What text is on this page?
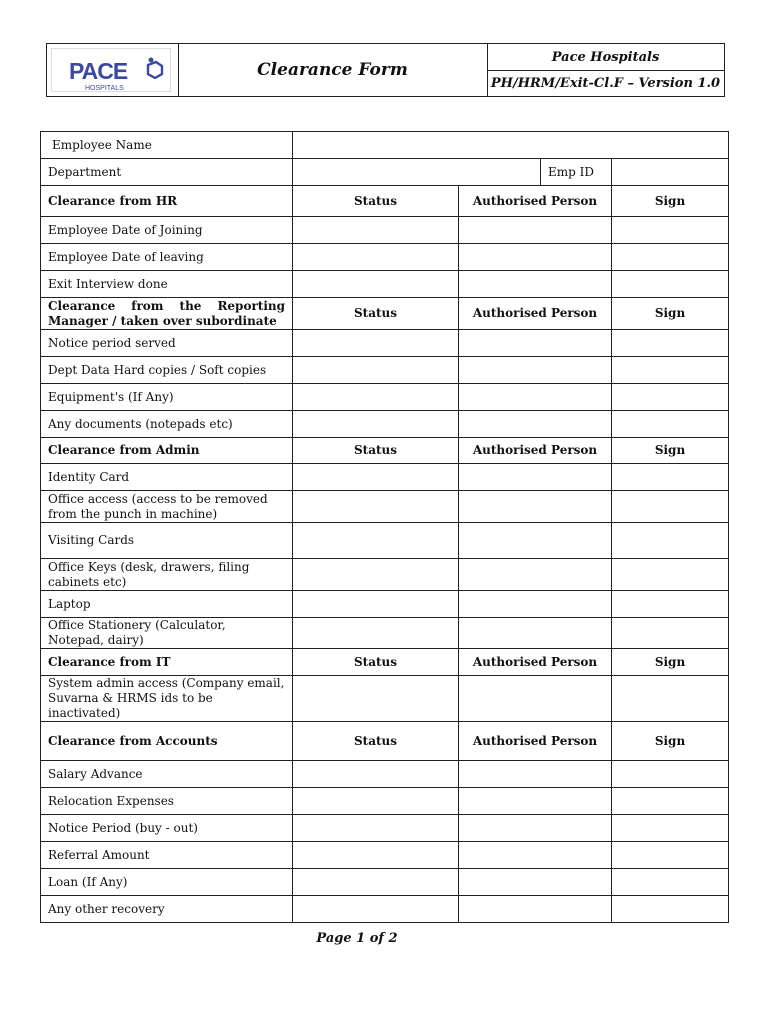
PACE
HOSPITALS
Clearance Form
Pace Hospitals
PH/HRM/Exit-Cl.F – Version 1.0
Employee Name				
Department			Emp ID	
Clearance from HR	Status	Authorised Person		Sign
Employee Date of Joining				
Employee Date of leaving				
Exit Interview done				
Clearance from the Reporting Manager / taken over subordinate	Status	Authorised Person		Sign
Notice period served				
Dept Data Hard copies / Soft copies				
Equipment's (If Any)				
Any documents (notepads etc)				
Clearance from Admin	Status	Authorised Person		Sign
Identity Card				
Office access (access to be removed from the punch in machine)				
Visiting Cards				
Office Keys (desk, drawers, filing cabinets etc)				
Laptop				
Office Stationery (Calculator, Notepad, dairy)				
Clearance from IT	Status	Authorised Person		Sign
System admin access (Company email, Suvarna & HRMS ids to be inactivated)				
Clearance from Accounts	Status	Authorised Person		Sign
Salary Advance				
Relocation Expenses				
Notice Period (buy - out)				
Referral Amount				
Loan (If Any)				
Any other recovery				
Page 1 of 2
